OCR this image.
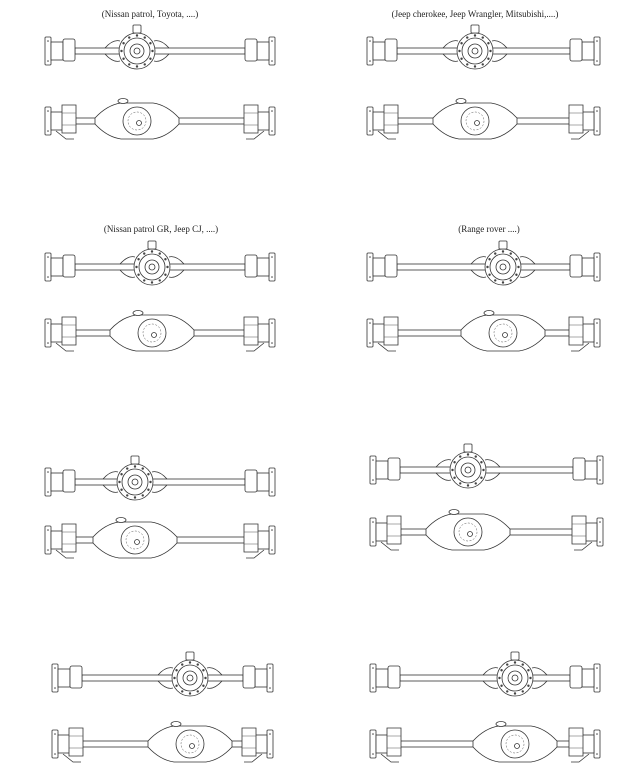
(Nissan patrol, Toyota, ....)	(Jeep cherokee, Jeep Wrangler, Mitsubishi,....)
(Nissan patrol GR, Jeep CJ, ....)	(Range rover ....)
